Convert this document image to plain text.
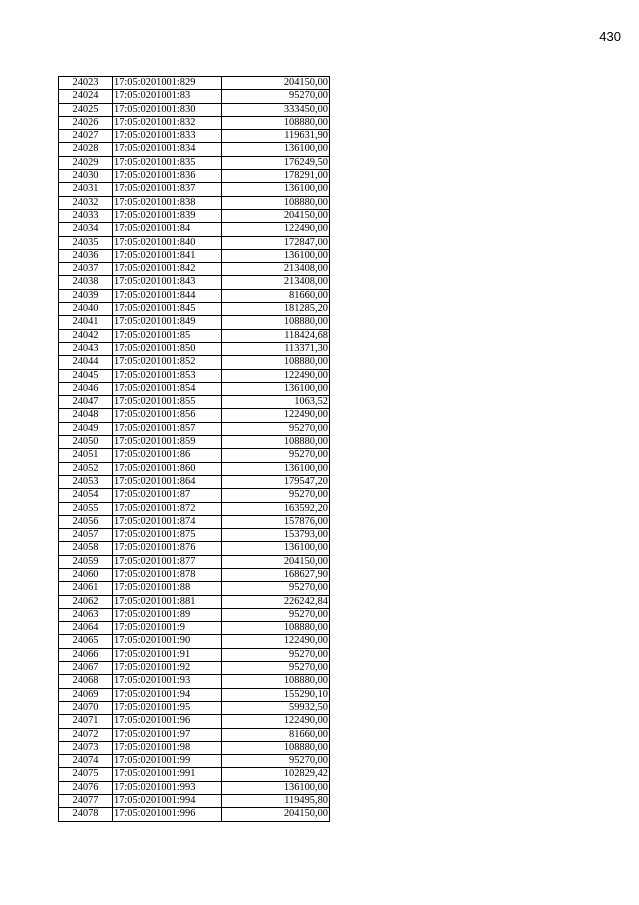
430
24023	17:05:0201001:829	204150,00
24024	17:05:0201001:83	95270,00
24025	17:05:0201001:830	333450,00
24026	17:05:0201001:832	108880,00
24027	17:05:0201001:833	119631,90
24028	17:05:0201001:834	136100,00
24029	17:05:0201001:835	176249,50
24030	17:05:0201001:836	178291,00
24031	17:05:0201001:837	136100,00
24032	17:05:0201001:838	108880,00
24033	17:05:0201001:839	204150,00
24034	17:05:0201001:84	122490,00
24035	17:05:0201001:840	172847,00
24036	17:05:0201001:841	136100,00
24037	17:05:0201001:842	213408,00
24038	17:05:0201001:843	213408,00
24039	17:05:0201001:844	81660,00
24040	17:05:0201001:845	181285,20
24041	17:05:0201001:849	108880,00
24042	17:05:0201001:85	118424,68
24043	17:05:0201001:850	113371,30
24044	17:05:0201001:852	108880,00
24045	17:05:0201001:853	122490,00
24046	17:05:0201001:854	136100,00
24047	17:05:0201001:855	1063,52
24048	17:05:0201001:856	122490,00
24049	17:05:0201001:857	95270,00
24050	17:05:0201001:859	108880,00
24051	17:05:0201001:86	95270,00
24052	17:05:0201001:860	136100,00
24053	17:05:0201001:864	179547,20
24054	17:05:0201001:87	95270,00
24055	17:05:0201001:872	163592,20
24056	17:05:0201001:874	157876,00
24057	17:05:0201001:875	153793,00
24058	17:05:0201001:876	136100,00
24059	17:05:0201001:877	204150,00
24060	17:05:0201001:878	168627,90
24061	17:05:0201001:88	95270,00
24062	17:05:0201001:881	226242,84
24063	17:05:0201001:89	95270,00
24064	17:05:0201001:9	108880,00
24065	17:05:0201001:90	122490,00
24066	17:05:0201001:91	95270,00
24067	17:05:0201001:92	95270,00
24068	17:05:0201001:93	108880,00
24069	17:05:0201001:94	155290,10
24070	17:05:0201001:95	59932,50
24071	17:05:0201001:96	122490,00
24072	17:05:0201001:97	81660,00
24073	17:05:0201001:98	108880,00
24074	17:05:0201001:99	95270,00
24075	17:05:0201001:991	102829,42
24076	17:05:0201001:993	136100,00
24077	17:05:0201001:994	119495,80
24078	17:05:0201001:996	204150,00
